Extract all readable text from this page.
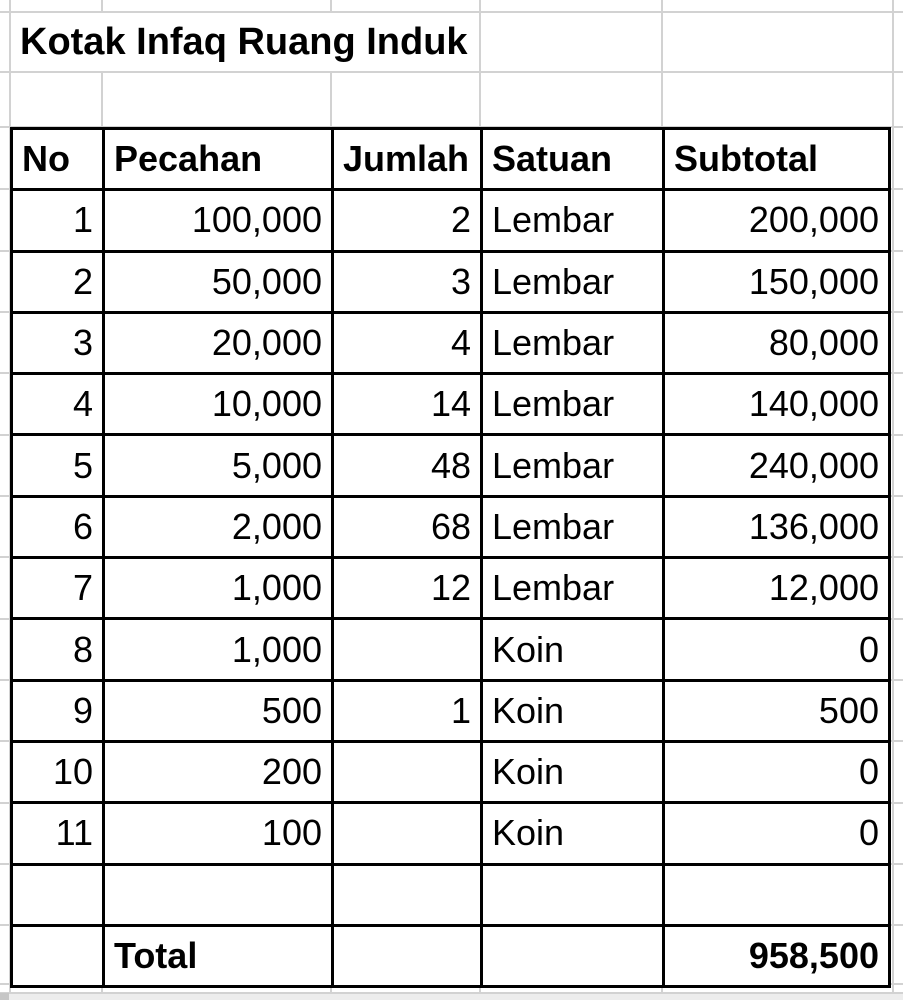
Kotak Infaq Ruang Induk
No	Pecahan	Jumlah	Satuan	Subtotal
1	100,000	2	Lembar	200,000
2	50,000	3	Lembar	150,000
3	20,000	4	Lembar	80,000
4	10,000	14	Lembar	140,000
5	5,000	48	Lembar	240,000
6	2,000	68	Lembar	136,000
7	1,000	12	Lembar	12,000
8	1,000		Koin	0
9	500	1	Koin	500
10	200		Koin	0
11	100		Koin	0

	Total			958,500
